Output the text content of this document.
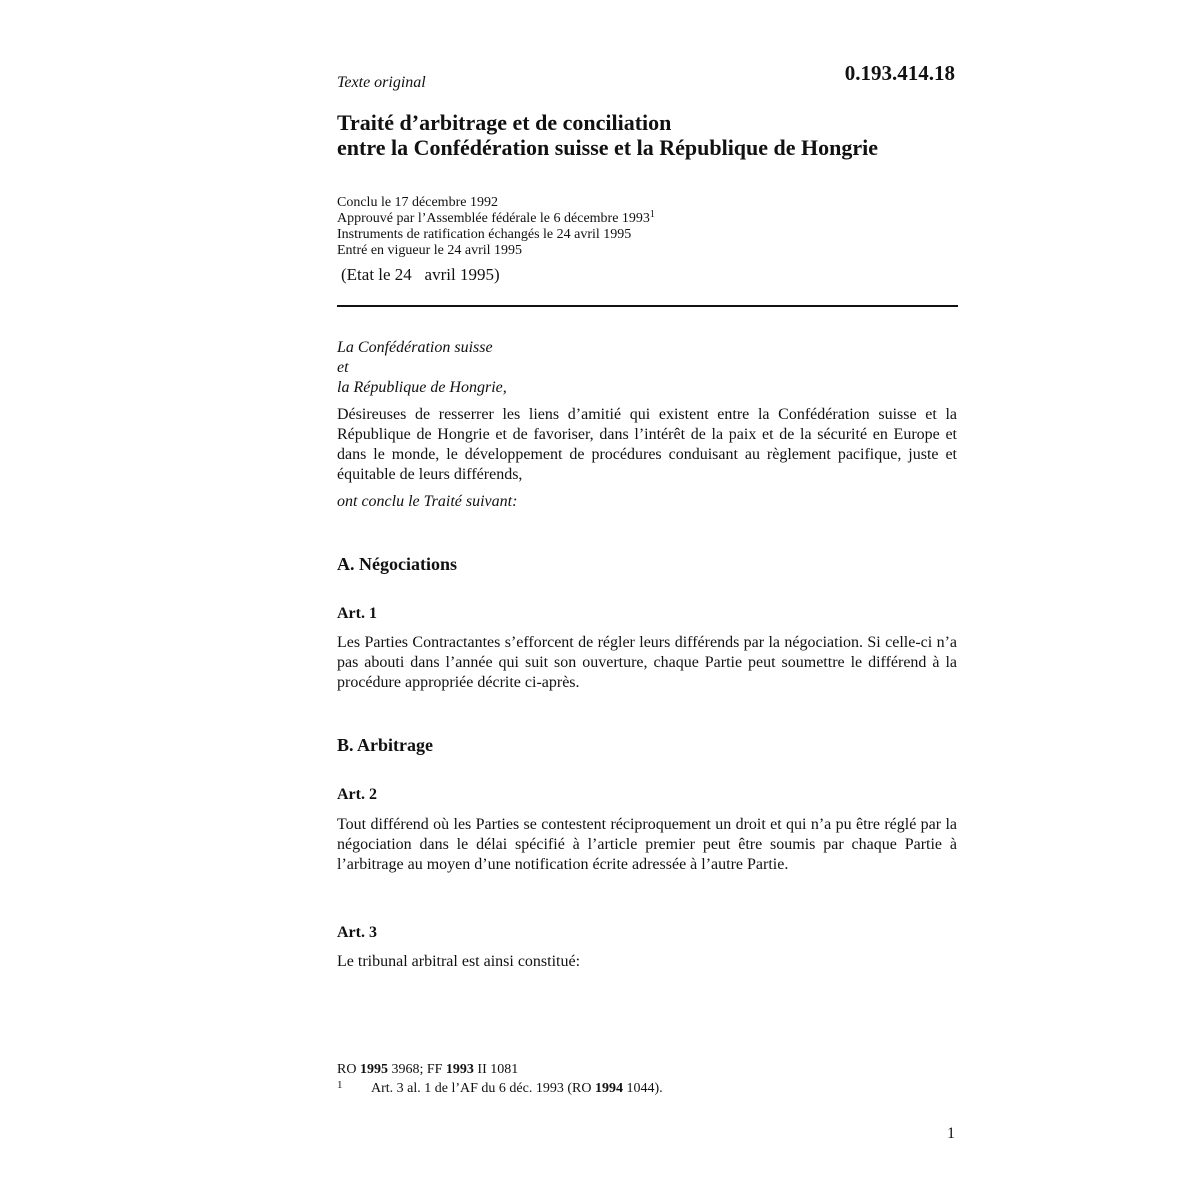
Texte original	0.193.414.18
Traité d’arbitrage et de conciliation
entre la Confédération suisse et la République de Hongrie
Conclu le 17 décembre 1992
Approuvé par l’Assemblée fédérale le 6 décembre 1993$^1$
Instruments de ratification échangés le 24 avril 1995
Entré en vigueur le 24 avril 1995
(Etat le 24   avril 1995)
La Confédération suisse
et
la République de Hongrie,
Désireuses de resserrer les liens d’amitié qui existent entre la Confédération suisse et la République de Hongrie et de favoriser, dans l’intérêt de la paix et de la sécurité en Europe et dans le monde, le développement de procédures conduisant au règlement pacifique, juste et équitable de leurs différends,
ont conclu le Traité suivant:
A. Négociations
Art. 1
Les Parties Contractantes s’efforcent de régler leurs différends par la négociation. Si celle-ci n’a pas abouti dans l’année qui suit son ouverture, chaque Partie peut soumettre le différend à la procédure appropriée décrite ci-après.
B. Arbitrage
Art. 2
Tout différend où les Parties se contestent réciproquement un droit et qui n’a pu être réglé par la négociation dans le délai spécifié à l’article premier peut être soumis par chaque Partie à l’arbitrage au moyen d’une notification écrite adressée à l’autre Partie.
Art. 3
Le tribunal arbitral est ainsi constitué:
RO 1995 3968; FF 1993 II 1081
1 Art. 3 al. 1 de l’AF du 6 déc. 1993 (RO 1994 1044).
1
